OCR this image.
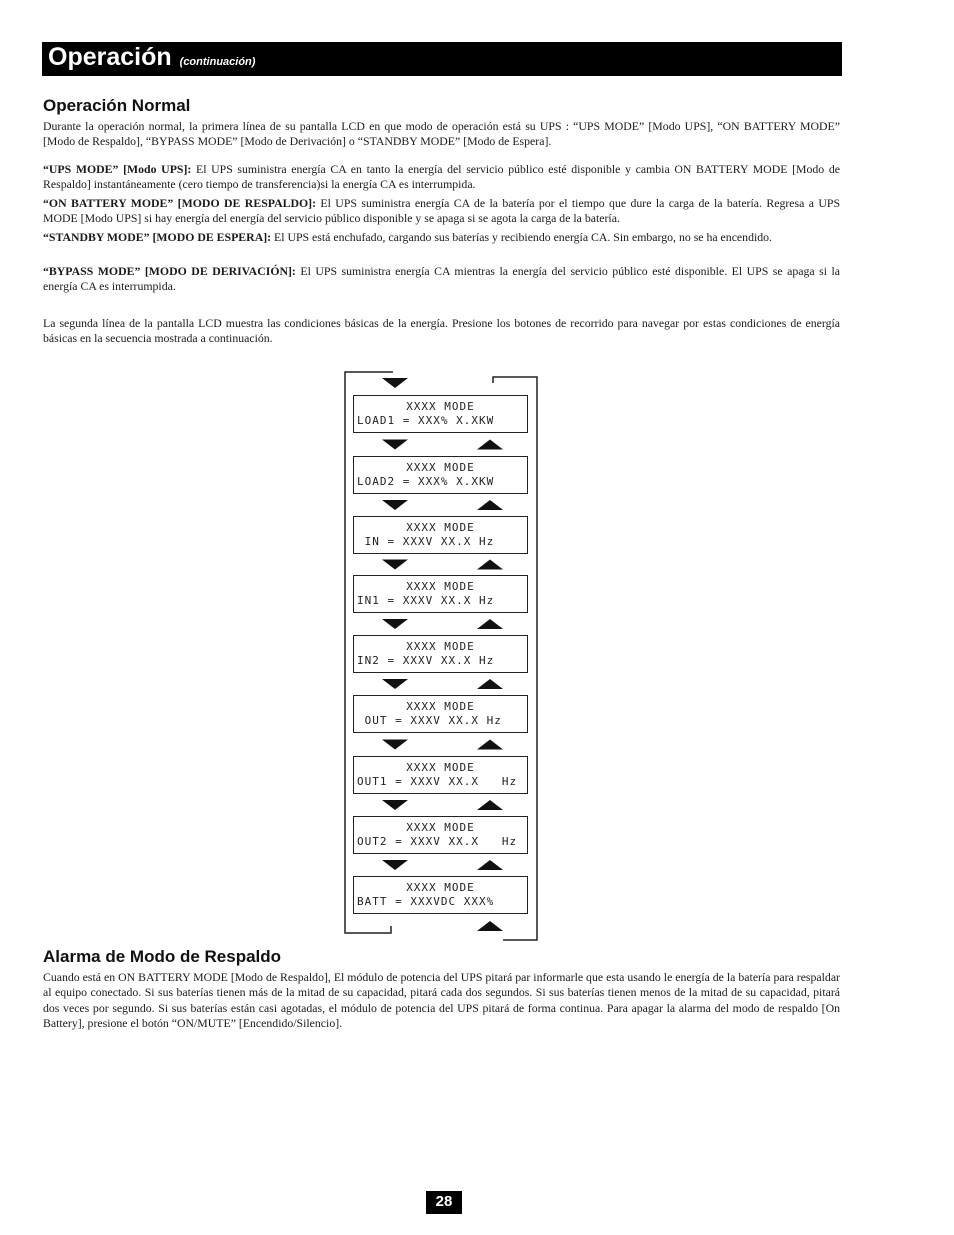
Operación (continuación)
Operación Normal

Durante la operación normal, la primera línea de su pantalla LCD en que modo de operación está su UPS : “UPS MODE” [Modo UPS], “ON BATTERY MODE” [Modo de Respaldo], “BYPASS MODE” [Modo de Derivación] o “STANDBY MODE” [Modo de Espera].

“UPS MODE” [Modo UPS]: El UPS suministra energía CA en tanto la energía del servicio público esté disponible y cambia ON BATTERY MODE [Modo de Respaldo] instantáneamente (cero tiempo de transferencia)si la energía CA es interrumpida.

“ON BATTERY MODE” [MODO DE RESPALDO]: El UPS suministra energía CA de la batería por el tiempo que dure la carga de la batería. Regresa a UPS MODE [Modo UPS] si hay energía del energía del servicio público disponible y se apaga si se agota la carga de la batería.

“STANDBY MODE” [MODO DE ESPERA]: El UPS está enchufado, cargando sus baterías y recibiendo energía CA. Sin embargo, no se ha encendido.

“BYPASS MODE” [MODO DE DERIVACIÓN]: El UPS suministra energía CA mientras la energía del servicio público esté disponible. El UPS se apaga si la energía CA es interrumpida.

La segunda línea de la pantalla LCD muestra las condiciones básicas de la energía. Presione los botones de recorrido para navegar por estas condiciones de energía básicas en la secuencia mostrada a continuación.

XXXX MODE
LOAD1 = XXX% X.XKW
XXXX MODE
LOAD2 = XXX% X.XKW
XXXX MODE
IN = XXXV XX.X Hz
XXXX MODE
IN1 = XXXV XX.X Hz
XXXX MODE
IN2 = XXXV XX.X Hz
XXXX MODE
OUT = XXXV XX.X Hz
XXXX MODE
OUT1 = XXXV XX.X   Hz
XXXX MODE
OUT2 = XXXV XX.X   Hz
XXXX MODE
BATT = XXXVDC XXX%
Alarma de Modo de Respaldo

Cuando está en ON BATTERY MODE [Modo de Respaldo], El módulo de potencia del UPS pitará par informarle que esta usando le energía de la batería para respaldar al equipo conectado. Si sus baterías tienen más de la mitad de su capacidad, pitará cada dos segundos. Si sus baterías tienen menos de la mitad de su capacidad, pitará dos veces por segundo. Si sus baterías están casi agotadas, el módulo de potencia del UPS pitará de forma continua. Para apagar la alarma del modo de respaldo [On Battery], presione el botón “ON/MUTE” [Encendido/Silencio].

28
